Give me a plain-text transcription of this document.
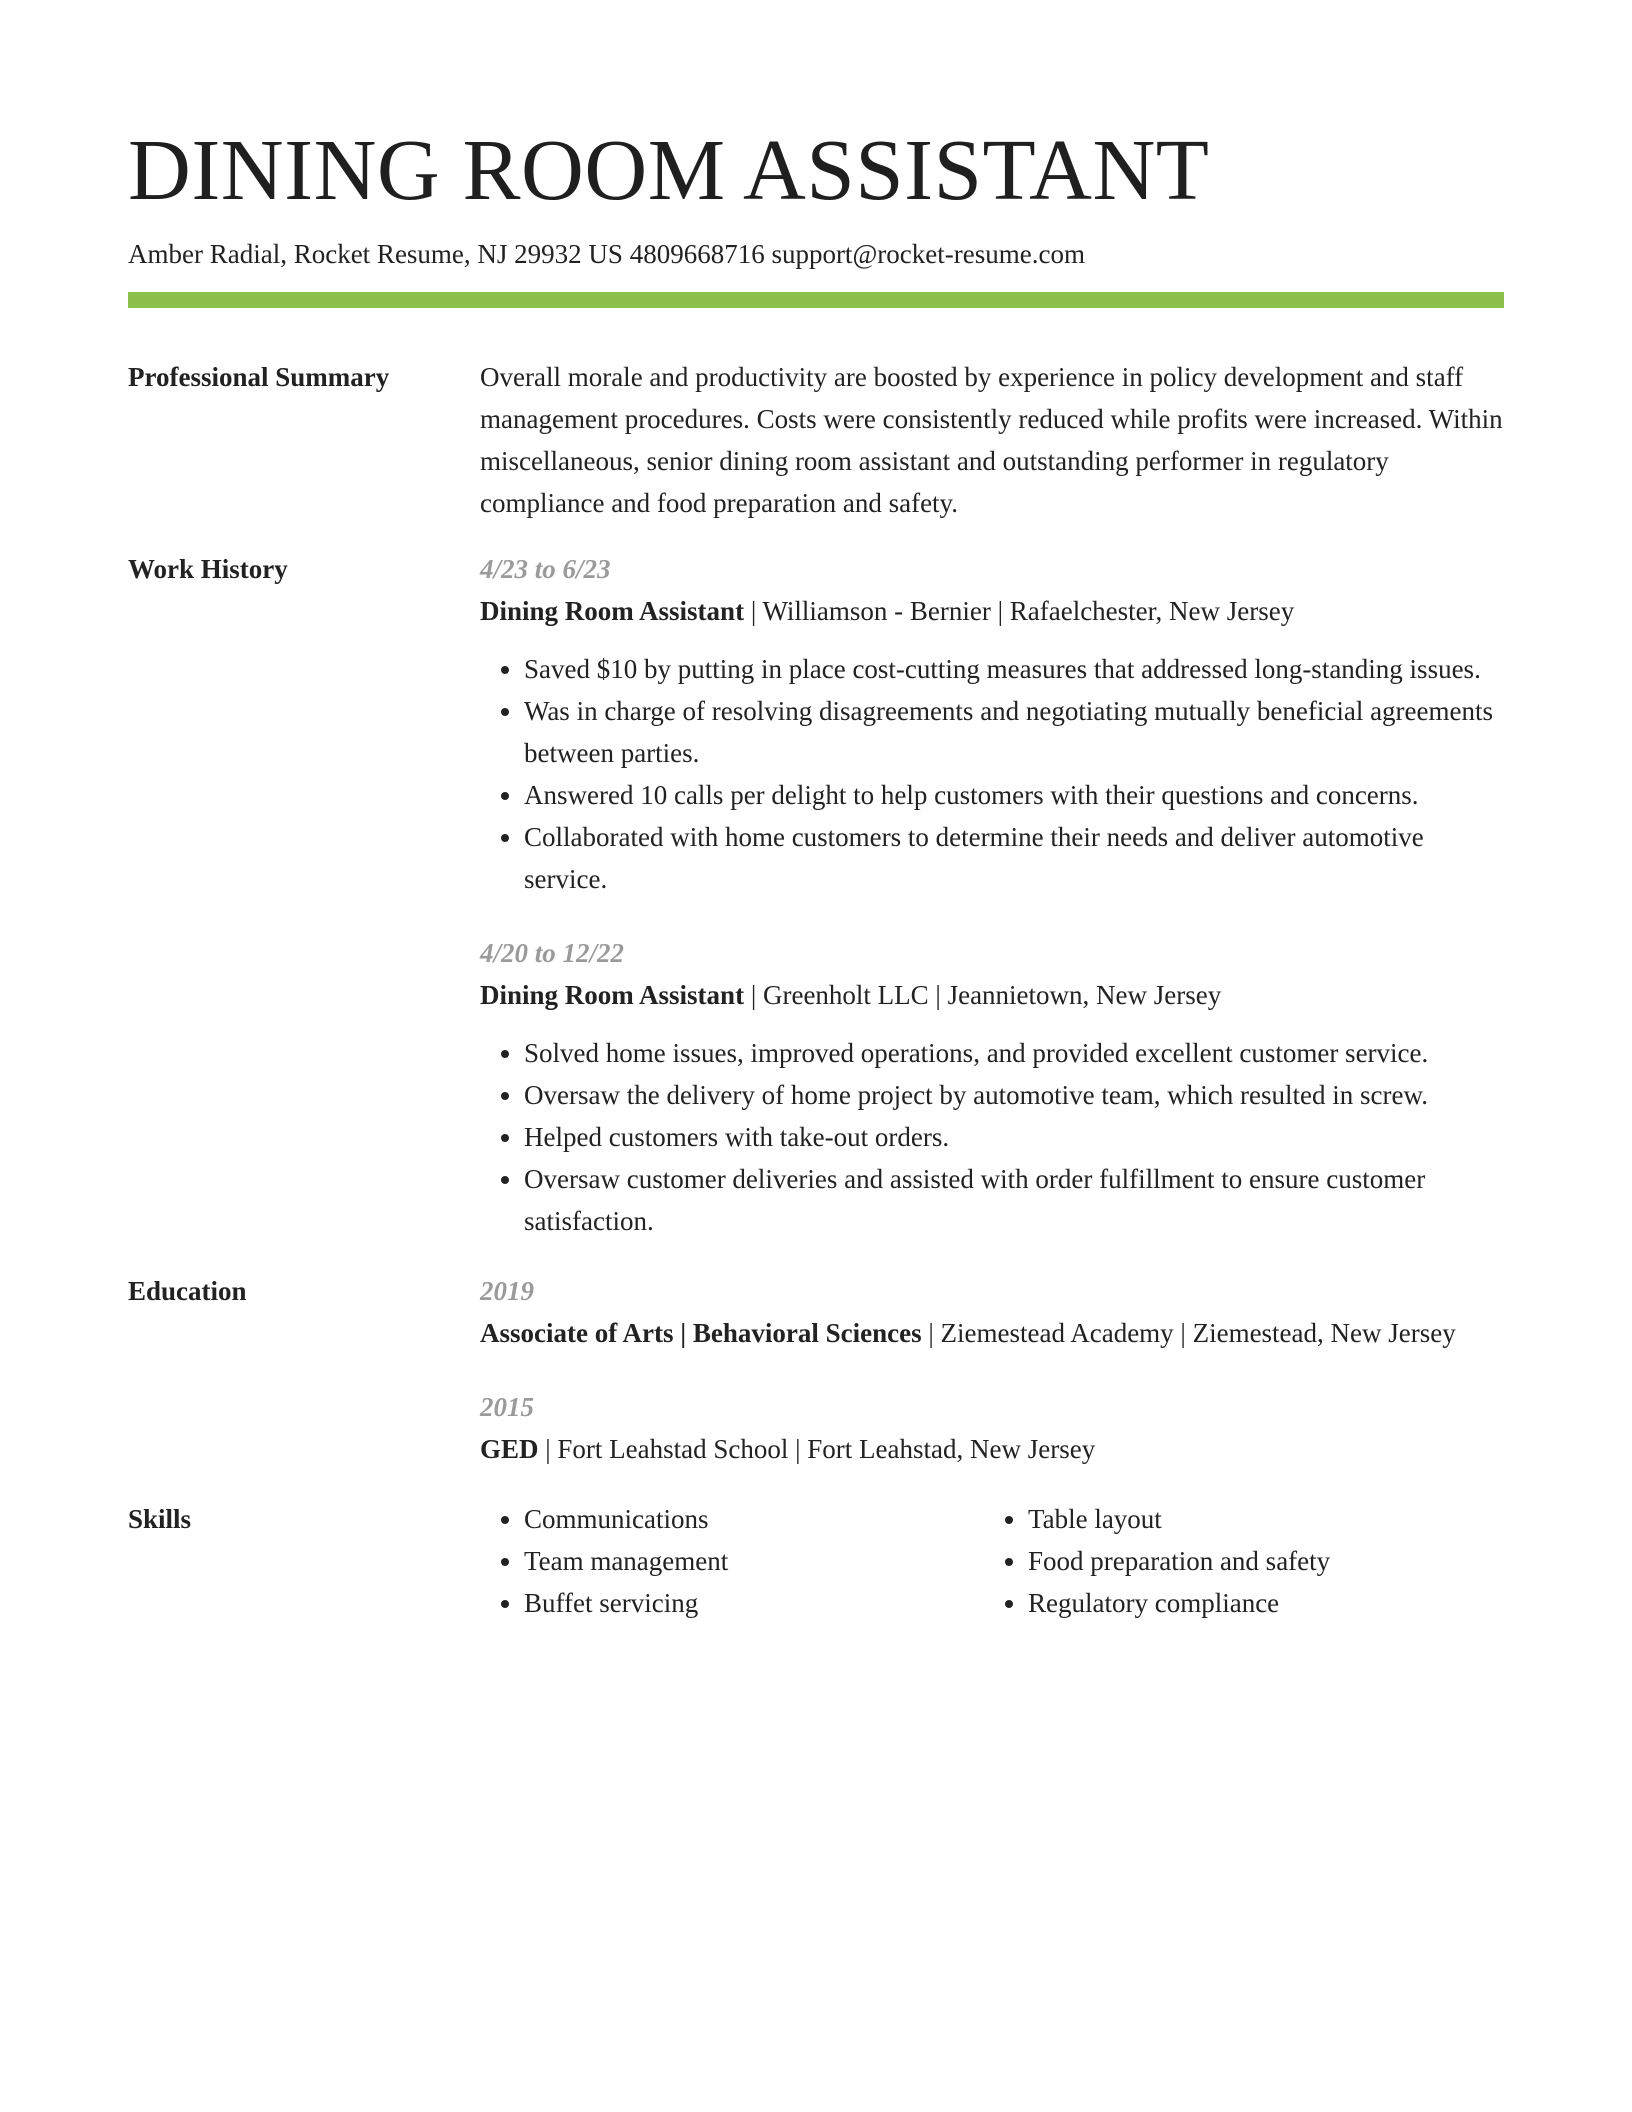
DINING ROOM ASSISTANT
Amber Radial, Rocket Resume, NJ 29932 US 4809668716 support@rocket-resume.com
Professional Summary	Overall morale and productivity are boosted by experience in policy development and staff management procedures. Costs were consistently reduced while profits were increased. Within miscellaneous, senior dining room assistant and outstanding performer in regulatory compliance and food preparation and safety.
Work History	4/23 to 6/23
Dining Room Assistant | Williamson - Bernier | Rafaelchester, New Jersey
• Saved $10 by putting in place cost-cutting measures that addressed long-standing issues.
• Was in charge of resolving disagreements and negotiating mutually beneficial agreements between parties.
• Answered 10 calls per delight to help customers with their questions and concerns.
• Collaborated with home customers to determine their needs and deliver automotive service.
4/20 to 12/22
Dining Room Assistant | Greenholt LLC | Jeannietown, New Jersey
• Solved home issues, improved operations, and provided excellent customer service.
• Oversaw the delivery of home project by automotive team, which resulted in screw.
• Helped customers with take-out orders.
• Oversaw customer deliveries and assisted with order fulfillment to ensure customer satisfaction.
Education	2019
Associate of Arts | Behavioral Sciences | Ziemestead Academy | Ziemestead, New Jersey
2015
GED | Fort Leahstad School | Fort Leahstad, New Jersey
Skills
•	Communications
• Team management
• Buffet servicing
• Table layout
• Food preparation and safety
• Regulatory compliance
